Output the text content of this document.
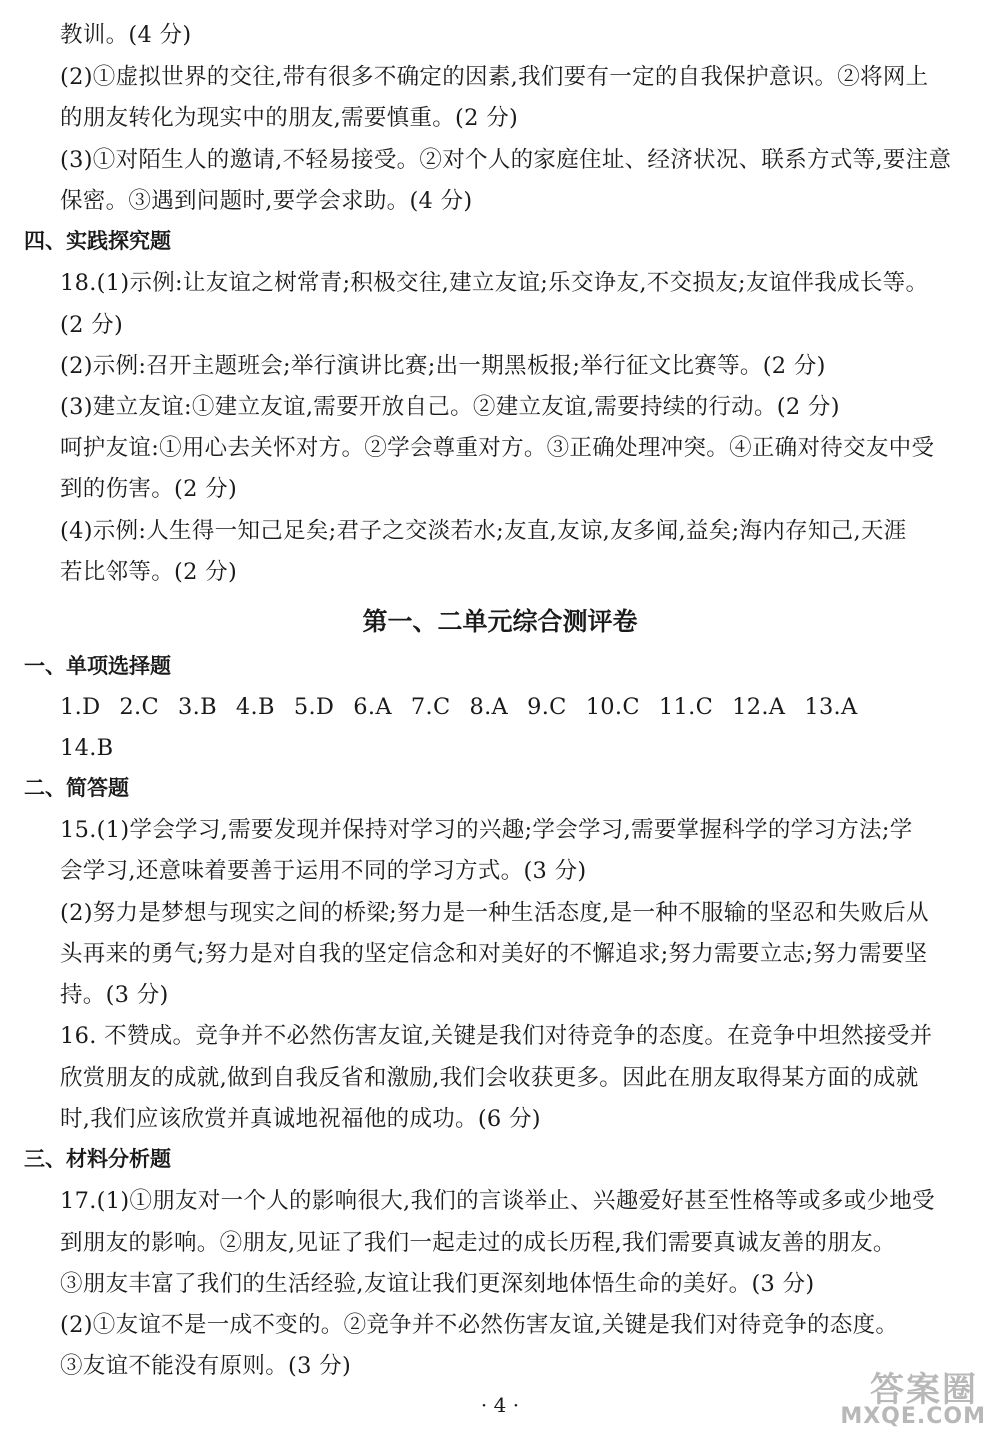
教训。(4 分)
(2)①虚拟世界的交往,带有很多不确定的因素,我们要有一定的自我保护意识。②将网上
的朋友转化为现实中的朋友,需要慎重。(2 分)
(3)①对陌生人的邀请,不轻易接受。②对个人的家庭住址、经济状况、联系方式等,要注意
保密。③遇到问题时,要学会求助。(4 分)
四、实践探究题
18.(1)示例:让友谊之树常青;积极交往,建立友谊;乐交诤友,不交损友;友谊伴我成长等。
(2 分)
(2)示例:召开主题班会;举行演讲比赛;出一期黑板报;举行征文比赛等。(2 分)
(3)建立友谊:①建立友谊,需要开放自己。②建立友谊,需要持续的行动。(2 分)
呵护友谊:①用心去关怀对方。②学会尊重对方。③正确处理冲突。④正确对待交友中受
到的伤害。(2 分)
(4)示例:人生得一知己足矣;君子之交淡若水;友直,友谅,友多闻,益矣;海内存知己,天涯
若比邻等。(2 分)
第一、二单元综合测评卷
一、单项选择题
1.D 2.C 3.B 4.B 5.D 6.A 7.C 8.A 9.C 10.C 11.C 12.A 13.A
14.B
二、简答题
15.(1)学会学习,需要发现并保持对学习的兴趣;学会学习,需要掌握科学的学习方法;学
会学习,还意味着要善于运用不同的学习方式。(3 分)
(2)努力是梦想与现实之间的桥梁;努力是一种生活态度,是一种不服输的坚忍和失败后从
头再来的勇气;努力是对自我的坚定信念和对美好的不懈追求;努力需要立志;努力需要坚
持。(3 分)
16. 不赞成。竞争并不必然伤害友谊,关键是我们对待竞争的态度。在竞争中坦然接受并
欣赏朋友的成就,做到自我反省和激励,我们会收获更多。因此在朋友取得某方面的成就
时,我们应该欣赏并真诚地祝福他的成功。(6 分)
三、材料分析题
17.(1)①朋友对一个人的影响很大,我们的言谈举止、兴趣爱好甚至性格等或多或少地受
到朋友的影响。②朋友,见证了我们一起走过的成长历程,我们需要真诚友善的朋友。
③朋友丰富了我们的生活经验,友谊让我们更深刻地体悟生命的美好。(3 分)
(2)①友谊不是一成不变的。②竞争并不必然伤害友谊,关键是我们对待竞争的态度。
③友谊不能没有原则。(3 分)
· 4 ·	答案圈
MXQE.COM
